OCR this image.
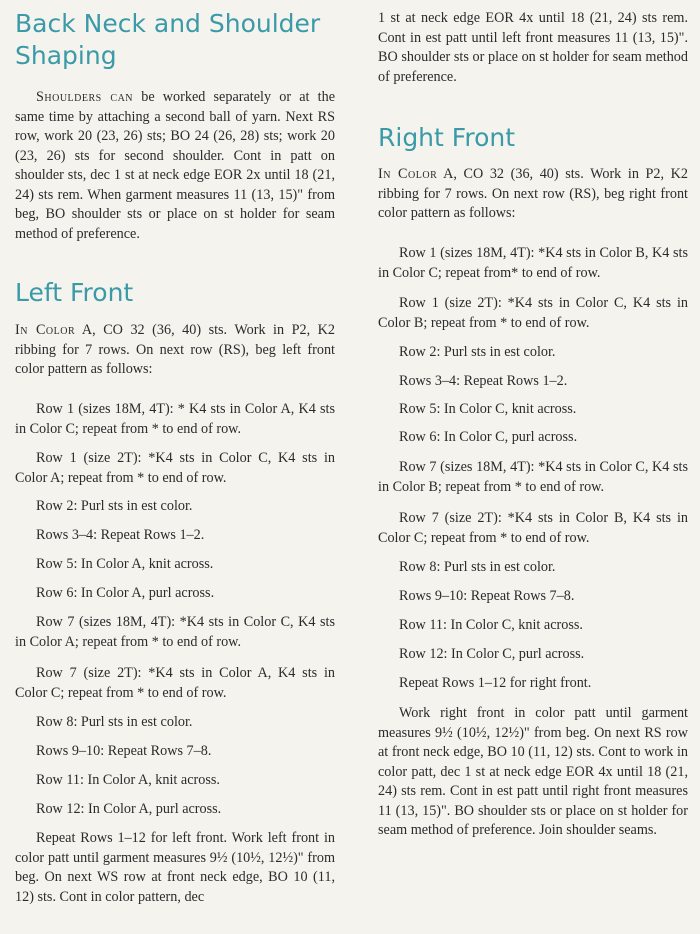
Back Neck and Shoulder Shaping

Shoulders can be worked separately or at the same time by attaching a second ball of yarn. Next RS row, work 20 (23, 26) sts; BO 24 (26, 28) sts; work 20 (23, 26) sts for second shoulder. Cont in patt on shoulder sts, dec 1 st at neck edge EOR 2x until 18 (21, 24) sts rem. When garment measures 11 (13, 15)" from beg, BO shoulder sts or place on st holder for seam method of preference.

Left Front

In Color A, CO 32 (36, 40) sts. Work in P2, K2 ribbing for 7 rows. On next row (RS), beg left front color pattern as follows:

Row 1 (sizes 18M, 4T): * K4 sts in Color A, K4 sts in Color C; repeat from * to end of row.

Row 1 (size 2T): *K4 sts in Color C, K4 sts in Color A; repeat from * to end of row.

Row 2: Purl sts in est color.

Rows 3–4: Repeat Rows 1–2.

Row 5: In Color A, knit across.

Row 6: In Color A, purl across.

Row 7 (sizes 18M, 4T): *K4 sts in Color C, K4 sts in Color A; repeat from * to end of row.

Row 7 (size 2T): *K4 sts in Color A, K4 sts in Color C; repeat from * to end of row.

Row 8: Purl sts in est color.

Rows 9–10: Repeat Rows 7–8.

Row 11: In Color A, knit across.

Row 12: In Color A, purl across.

Repeat Rows 1–12 for left front. Work left front in color patt until garment measures 9½ (10½, 12½)" from beg. On next WS row at front neck edge, BO 10 (11, 12) sts. Cont in color pattern, dec

1 st at neck edge EOR 4x until 18 (21, 24) sts rem. Cont in est patt until left front measures 11 (13, 15)". BO shoulder sts or place on st holder for seam method of preference.

Right Front

In Color A, CO 32 (36, 40) sts. Work in P2, K2 ribbing for 7 rows. On next row (RS), beg right front color pattern as follows:

Row 1 (sizes 18M, 4T): *K4 sts in Color B, K4 sts in Color C; repeat from* to end of row.

Row 1 (size 2T): *K4 sts in Color C, K4 sts in Color B; repeat from * to end of row.

Row 2: Purl sts in est color.

Rows 3–4: Repeat Rows 1–2.

Row 5: In Color C, knit across.

Row 6: In Color C, purl across.

Row 7 (sizes 18M, 4T): *K4 sts in Color C, K4 sts in Color B; repeat from * to end of row.

Row 7 (size 2T): *K4 sts in Color B, K4 sts in Color C; repeat from * to end of row.

Row 8: Purl sts in est color.

Rows 9–10: Repeat Rows 7–8.

Row 11: In Color C, knit across.

Row 12: In Color C, purl across.

Repeat Rows 1–12 for right front.

Work right front in color patt until garment measures 9½ (10½, 12½)" from beg. On next RS row at front neck edge, BO 10 (11, 12) sts. Cont to work in color patt, dec 1 st at neck edge EOR 4x until 18 (21, 24) sts rem. Cont in est patt until right front measures 11 (13, 15)". BO shoulder sts or place on st holder for seam method of preference. Join shoulder seams.
